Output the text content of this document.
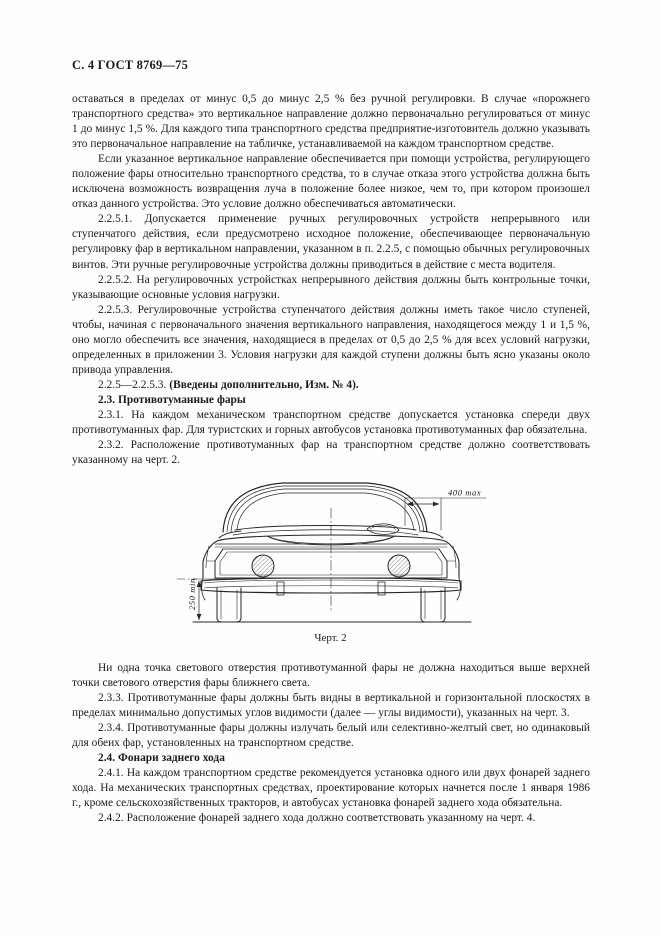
С. 4 ГОСТ 8769—75

оставаться в пределах от минус 0,5 до минус 2,5 % без ручной регулировки. В случае «порожнего транспортного средства» это вертикальное направление должно первоначально регулироваться от минус 1 до минус 1,5 %. Для каждого типа транспортного средства предприятие-изготовитель должно указывать это первоначальное направление на табличке, устанавливаемой на каждом транспортном средстве.

Если указанное вертикальное направление обеспечивается при помощи устройства, регулирующего положение фары относительно транспортного средства, то в случае отказа этого устройства должна быть исключена возможность возвращения луча в положение более низкое, чем то, при котором произошел отказ данного устройства. Это условие должно обеспечиваться автоматически.

2.2.5.1. Допускается применение ручных регулировочных устройств непрерывного или ступенчатого действия, если предусмотрено исходное положение, обеспечивающее первоначальную регулировку фар в вертикальном направлении, указанном в п. 2.2.5, с помощью обычных регулировочных винтов. Эти ручные регулировочные устройства должны приводиться в действие с места водителя.

2.2.5.2. На регулировочных устройстках непрерывного действия должны быть контрольные точки, указывающие основные условия нагрузки.

2.2.5.3. Регулировочные устройства ступенчатого действия должны иметь такое число ступеней, чтобы, начиная с первоначального значения вертикального направления, находящегося между 1 и 1,5 %, оно могло обеспечить все значения, находящиеся в пределах от 0,5 до 2,5 % для всех условий нагрузки, определенных в приложении 3. Условия нагрузки для каждой ступени должны быть ясно указаны около привода управления.

2.2.5—2.2.5.3. (Введены дополнительно, Изм. № 4).

2.3. Противотуманные фары

2.3.1. На каждом механическом транспортном средстве допускается установка спереди двух противотуманных фар. Для туристских и горных автобусов установка противотуманных фар обязательна.

2.3.2. Расположение противотуманных фар на транспортном средстве должно соответствовать указанному на черт. 2.

400 max
250 min
Черт. 2

Ни одна точка светового отверстия противотуманной фары не должна находиться выше верхней точки светового отверстия фары ближнего света.

2.3.3. Противотуманные фары должны быть видны в вертикальной и горизонтальной плоскостях в пределах минимально допустимых углов видимости (далее — углы видимости), указанных на черт. 3.

2.3.4. Противотуманные фары должны излучать белый или селективно-желтый свет, но одинаковый для обеих фар, установленных на транспортном средстве.

2.4. Фонари заднего хода

2.4.1. На каждом транспортном средстве рекомендуется установка одного или двух фонарей заднего хода. На механических транспортных средствах, проектирование которых начнется после 1 января 1986 г., кроме сельскохозяйственных тракторов, и автобусах установка фонарей заднего хода обязательна.

2.4.2. Расположение фонарей заднего хода должно соответствовать указанному на черт. 4.
